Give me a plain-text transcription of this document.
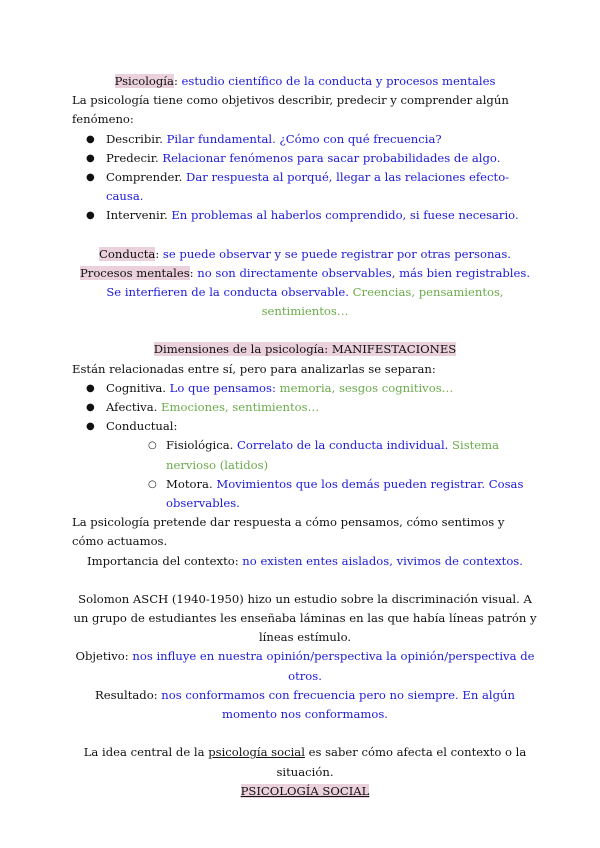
Psicología: estudio científico de la conducta y procesos mentales

La psicología tiene como objetivos describir, predecir y comprender algún fenómeno:

● Describir. Pilar fundamental. ¿Cómo con qué frecuencia?
● Predecir. Relacionar fenómenos para sacar probabilidades de algo.
● Comprender. Dar respuesta al porqué, llegar a las relaciones efecto-causa.
● Intervenir. En problemas al haberlos comprendido, si fuese necesario.

Conducta: se puede observar y se puede registrar por otras personas.

Procesos mentales: no son directamente observables, más bien registrables. Se interfieren de la conducta observable. Creencias, pensamientos, sentimientos…

Dimensiones de la psicología: MANIFESTACIONES

Están relacionadas entre sí, pero para analizarlas se separan:

● Cognitiva. Lo que pensamos: memoria, sesgos cognitivos…
● Afectiva. Emociones, sentimientos…
● Conductual:
○ Fisiológica. Correlato de la conducta individual. Sistema nervioso (latidos)
○ Motora. Movimientos que los demás pueden registrar. Cosas observables.

La psicología pretende dar respuesta a cómo pensamos, cómo sentimos y cómo actuamos.

Importancia del contexto: no existen entes aislados, vivimos de contextos.

Solomon ASCH (1940-1950) hizo un estudio sobre la discriminación visual. A un grupo de estudiantes les enseñaba láminas en las que había líneas patrón y líneas estímulo.

Objetivo: nos influye en nuestra opinión/perspectiva la opinión/perspectiva de otros.

Resultado: nos conformamos con frecuencia pero no siempre. En algún momento nos conformamos.

La idea central de la psicología social es saber cómo afecta el contexto o la situación.

PSICOLOGÍA SOCIAL
